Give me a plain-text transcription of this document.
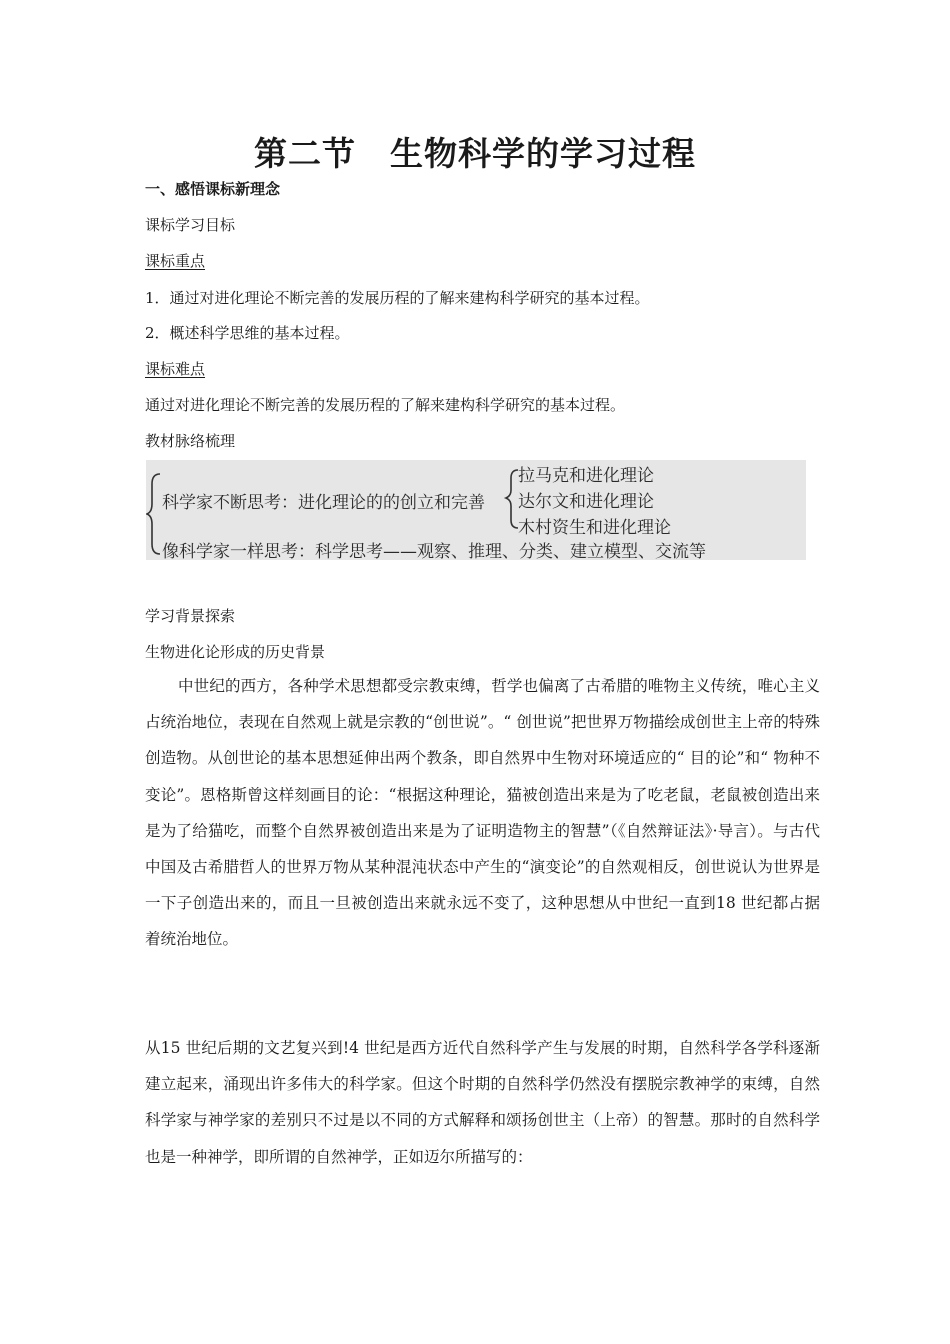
第二节　生物科学的学习过程
一、感悟课标新理念
课标学习目标
课标重点
1．通过对进化理论不断完善的发展历程的了解来建构科学研究的基本过程。
2．概述科学思维的基本过程。
课标难点
通过对进化理论不断完善的发展历程的了解来建构科学研究的基本过程。
教材脉络梳理
科学家不断思考：进化理论的的创立和完善
拉马克和进化理论
达尔文和进化理论
木村资生和进化理论
像科学家一样思考：科学思考——观察、推理、分类、建立模型、交流等
学习背景探索
生物进化论形成的历史背景

中世纪的西方，各种学术思想都受宗教束缚，哲学也偏离了古希腊的唯物主义传统，唯心主义占统治地位，表现在自然观上就是宗教的“创世说”。“ 创世说”把世界万物描绘成创世主上帝的特殊创造物。从创世论的基本思想延伸出两个教条，即自然界中生物对环境适应的“ 目的论”和“ 物种不变论”。恩格斯曾这样刻画目的论：“根据这种理论，猫被创造出来是为了吃老鼠，老鼠被创造出来是为了给猫吃，而整个自然界被创造出来是为了证明造物主的智慧”（《自然辩证法》·导言）。与古代中国及古希腊哲人的世界万物从某种混沌状态中产生的“演变论”的自然观相反，创世说认为世界是一下子创造出来的，而且一旦被创造出来就永远不变了，这种思想从中世纪一直到18 世纪都占据着统治地位。

从15 世纪后期的文艺复兴到!4 世纪是西方近代自然科学产生与发展的时期，自然科学各学科逐渐建立起来，涌现出许多伟大的科学家。但这个时期的自然科学仍然没有摆脱宗教神学的束缚，自然科学家与神学家的差别只不过是以不同的方式解释和颂扬创世主（上帝）的智慧。那时的自然科学也是一种神学，即所谓的自然神学，正如迈尔所描写的：
